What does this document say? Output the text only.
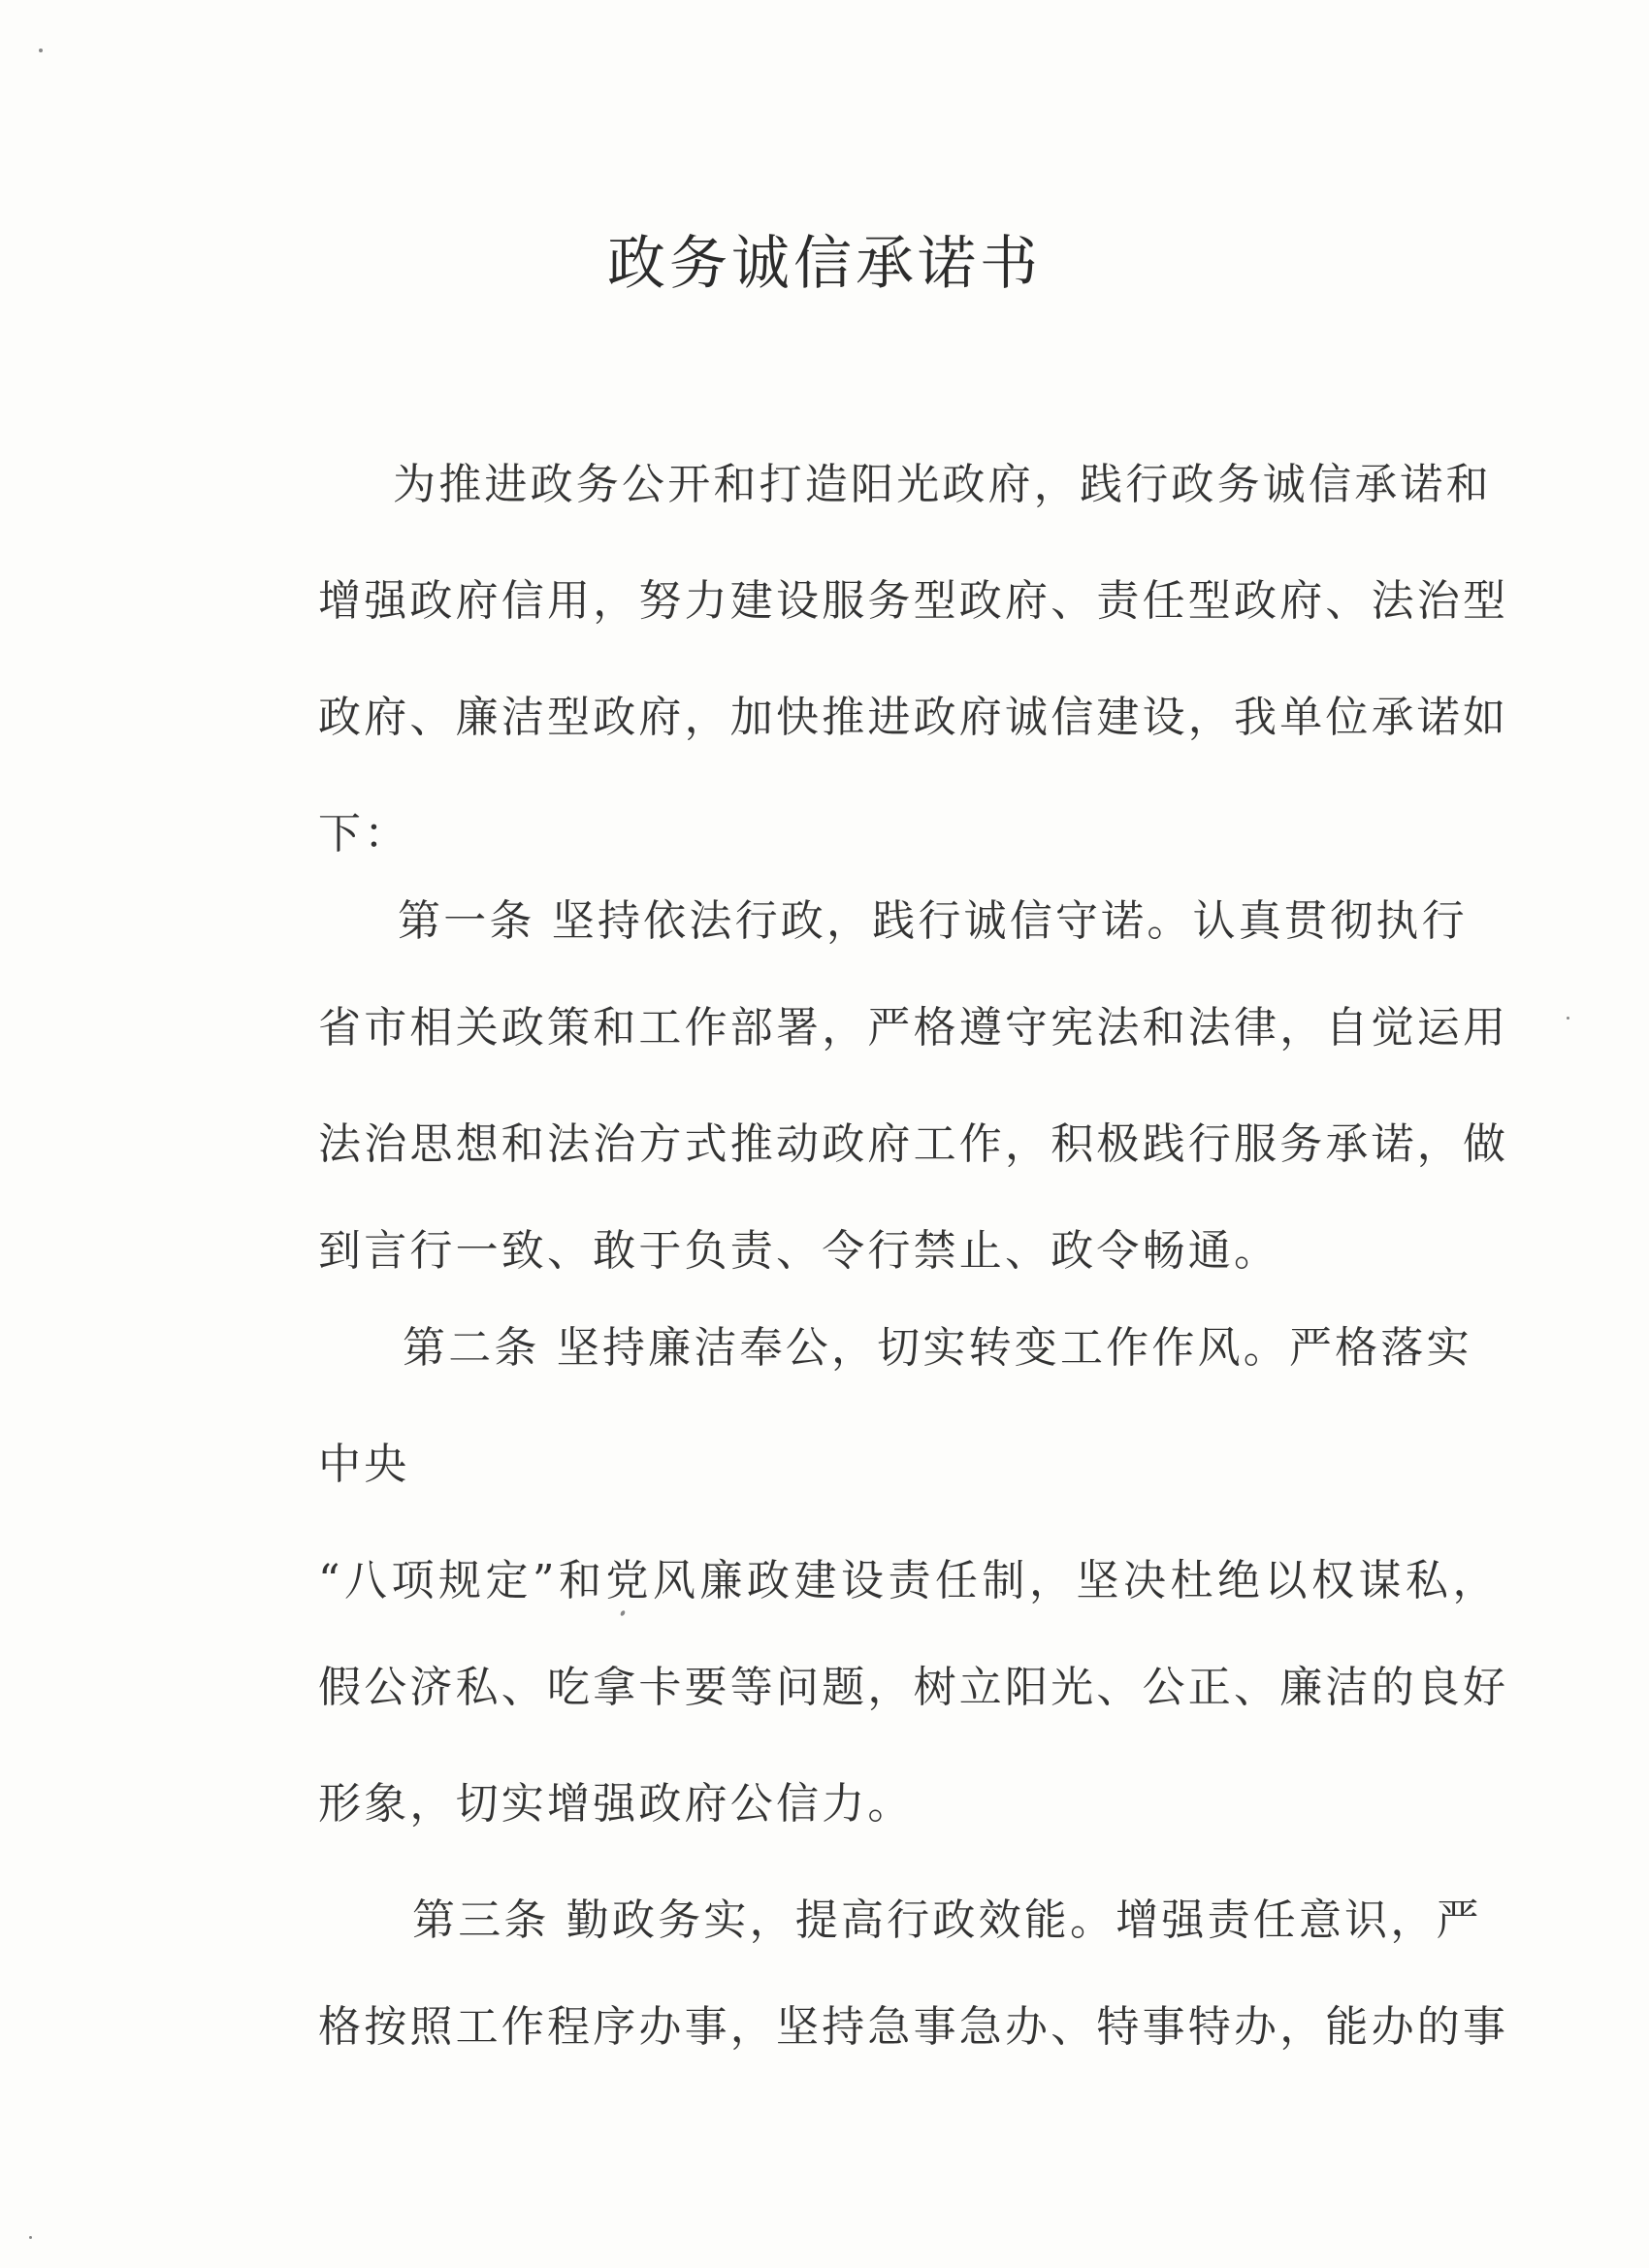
政务诚信承诺书
为推进政务公开和打造阳光政府，践行政务诚信承诺和
增强政府信用，努力建设服务型政府、责任型政府、法治型
政府、廉洁型政府，加快推进政府诚信建设，我单位承诺如
下：
第一条 坚持依法行政，践行诚信守诺。认真贯彻执行
省市相关政策和工作部署，严格遵守宪法和法律，自觉运用
法治思想和法治方式推动政府工作，积极践行服务承诺，做
到言行一致、敢于负责、令行禁止、政令畅通。
第二条 坚持廉洁奉公，切实转变工作作风。严格落实
中央
“八项规定”和党风廉政建设责任制，坚决杜绝以权谋私，
假公济私、吃拿卡要等问题，树立阳光、公正、廉洁的良好
形象，切实增强政府公信力。
第三条 勤政务实，提高行政效能。增强责任意识，严
格按照工作程序办事，坚持急事急办、特事特办，能办的事
